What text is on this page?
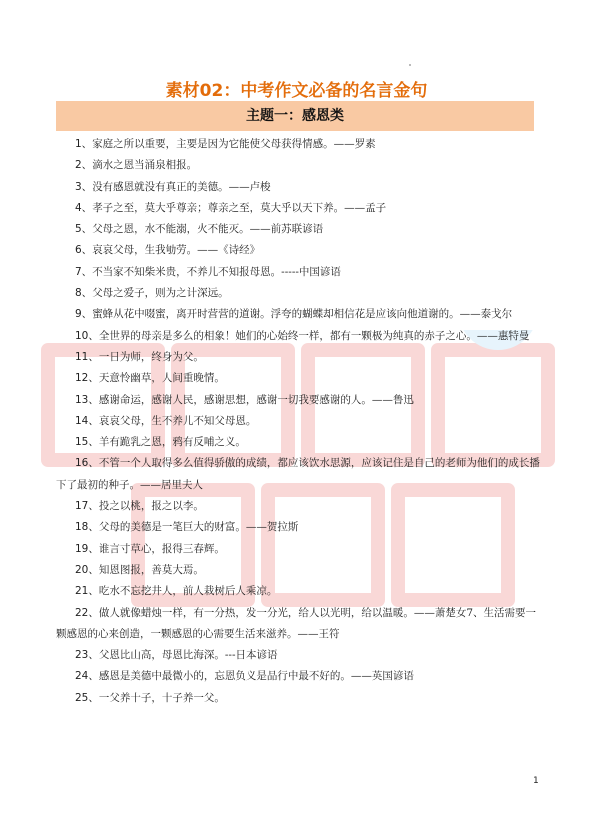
素材02：中考作文必备的名言金句
主题一：感恩类
1、家庭之所以重要，主要是因为它能使父母获得情感。——罗素
2、滴水之恩当涌泉相报。
3、没有感恩就没有真正的美德。——卢梭
4、孝子之至，莫大乎尊亲；尊亲之至，莫大乎以天下养。——孟子
5、父母之恩，水不能溺，火不能灭。——前苏联谚语
6、哀哀父母，生我劬劳。——《诗经》
7、不当家不知柴米贵，不养儿不知报母恩。-----中国谚语
8、父母之爱子，则为之计深远。
9、蜜蜂从花中啜蜜，离开时营营的道谢。浮夸的蝴蝶却相信花是应该向他道谢的。——泰戈尔
10、全世界的母亲是多么的相象！她们的心始终一样，都有一颗极为纯真的赤子之心。——惠特曼
11、一日为师，终身为父。
12、天意怜幽草，人间重晚情。
13、感谢命运，感谢人民，感谢思想，感谢一切我要感谢的人。——鲁迅
14、哀哀父母，生不养儿不知父母恩。
15、羊有跪乳之恩，鸦有反哺之义。
16、不管一个人取得多么值得骄傲的成绩，都应该饮水思源，应该记住是自己的老师为他们的成长播下了最初的种子。——居里夫人
17、投之以桃，报之以李。
18、父母的美德是一笔巨大的财富。——贺拉斯
19、谁言寸草心，报得三春辉。
20、知恩图报，善莫大焉。
21、吃水不忘挖井人，前人栽树后人乘凉。
22、做人就像蜡烛一样，有一分热，发一分光，给人以光明，给以温暖。——萧楚女7、生活需要一颗感恩的心来创造，一颗感恩的心需要生活来滋养。——王符
23、父恩比山高，母恩比海深。---日本谚语
24、感恩是美德中最微小的，忘恩负义是品行中最不好的。——英国谚语
25、一父养十子，十子养一父。
1
